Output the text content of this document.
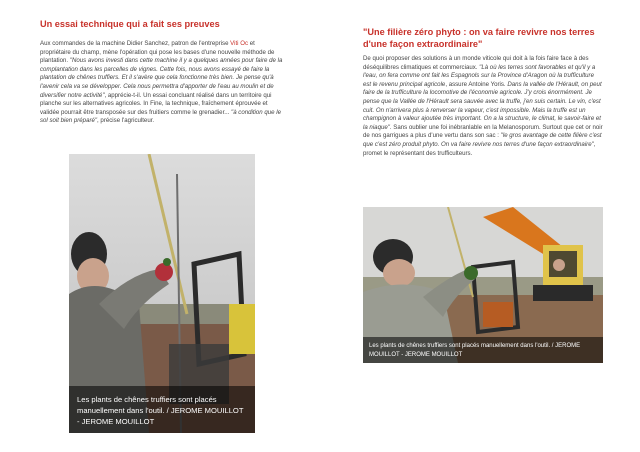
Un essai technique qui a fait ses preuves

Aux commandes de la machine Didier Sanchez, patron de l'entreprise Viti Oc et propriétaire du champ, mène l'opération qui pose les bases d'une nouvelle méthode de plantation. "Nous avons investi dans cette machine il y a quelques années pour faire de la complantation dans les parcelles de vignes. Cette fois, nous avons essayé de faire la plantation de chênes truffiers. Et il s'avère que cela fonctionne très bien. Je pense qu'à l'avenir cela va se développer. Cela nous permettra d'apporter de l'eau au moulin et de diversifier notre activité", apprécie-t-il. Un essai concluant réalisé dans un territoire qui planche sur les alternatives agricoles. In Fine, la technique, fraîchement éprouvée et validée pourrait être transposée sur des fruitiers comme le grenadier... "à condition que le sol soit bien préparé", précise l'agriculteur.

Les plants de chênes truffiers sont placés manuellement dans l'outil. / JEROME MOUILLOT - JEROME MOUILLOT
"Une filière zéro phyto : on va faire revivre nos terres d'une façon extraordinaire"

De quoi proposer des solutions à un monde viticole qui doit à la fois faire face à des déséquilibres climatiques et commerciaux. "Là où les terres sont favorables et qu'il y a l'eau, on fera comme ont fait les Espagnols sur la Province d'Aragon où la trufficulture est le revenu principal agricole, assure Antoine Yoris. Dans la vallée de l'Hérault, on peut faire de la trufficulture la locomotive de l'économie agricole. J'y crois énormément. Je pense que la Vallée de l'Hérault sera sauvée avec la truffe, j'en suis certain. Le vin, c'est cuit. On n'arrivera plus à renverser la vapeur, c'est impossible. Mais la truffe est un champignon à valeur ajoutée très important. On a la structure, le climat, le savoir-faire et la niaque". Sans oublier une foi inébranlable en la Melanosporum. Surtout que cet or noir de nos garrigues a plus d'une vertu dans son sac : "le gros avantage de cette filière c'est que c'est zéro produit phyto. On va faire revivre nos terres d'une façon extraordinaire", promet le représentant des trufficulteurs.

Les plants de chênes truffiers sont placés manuellement dans l'outil. / JEROME MOUILLOT - JEROME MOUILLOT
